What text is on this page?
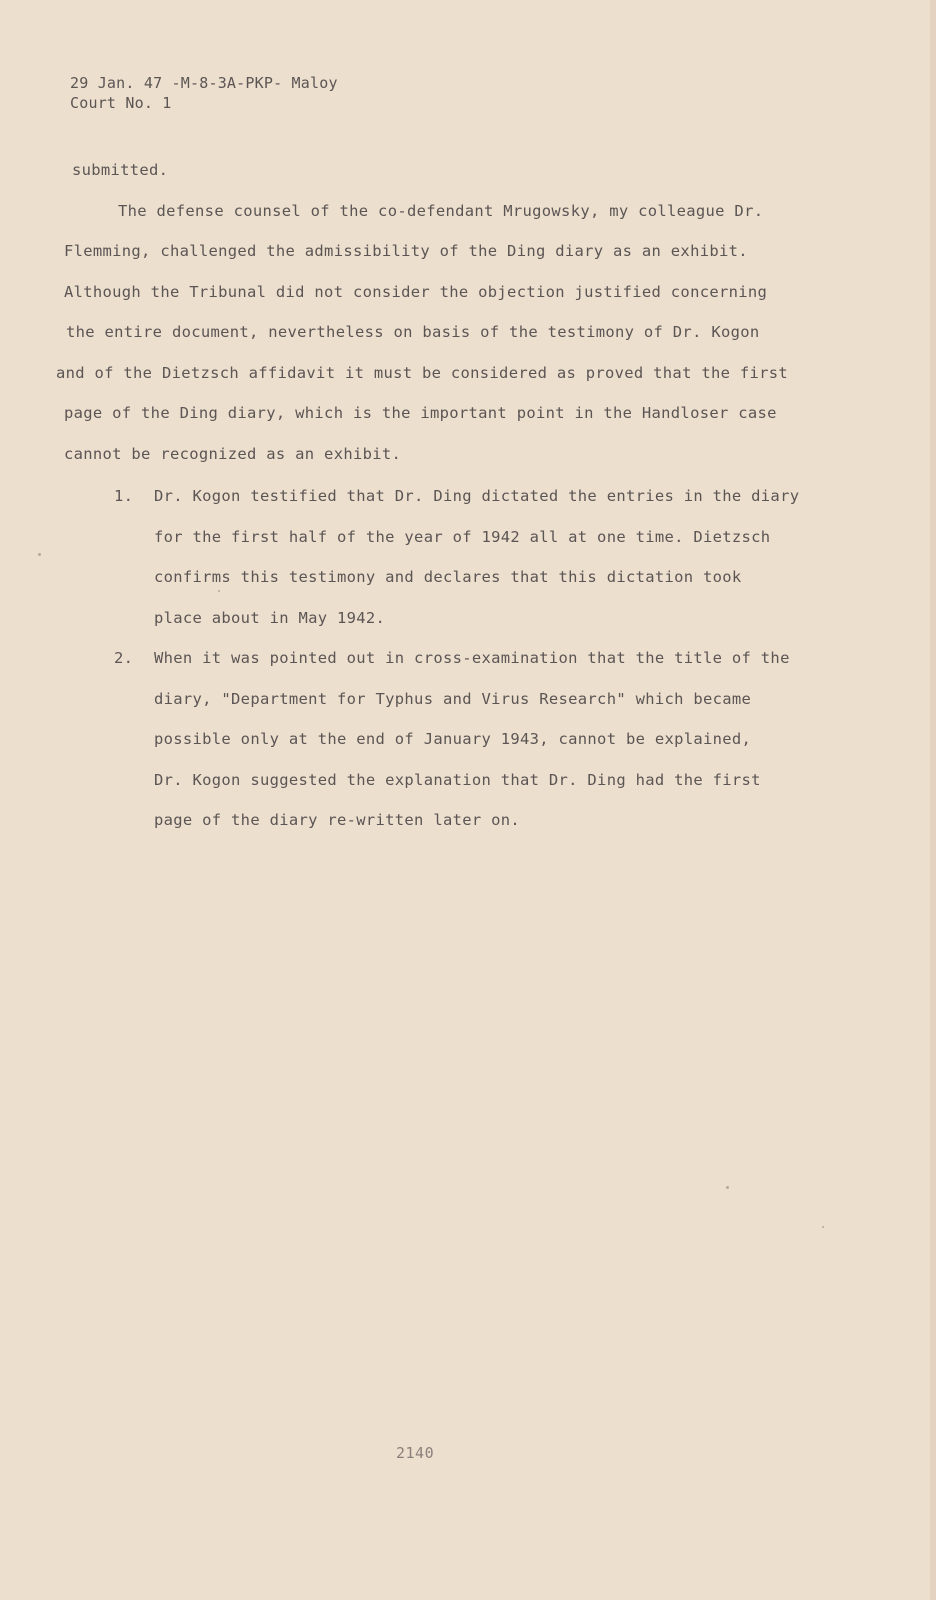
29 Jan. 47 -M-8-3A-PKP- Maloy
Court No. 1

submitted.

The defense counsel of the co-defendant Mrugowsky, my colleague Dr.
Flemming, challenged the admissibility of the Ding diary as an exhibit.
Although the Tribunal did not consider the objection justified concerning
the entire document, nevertheless on basis of the testimony of Dr. Kogon
and of the Dietzsch affidavit it must be considered as proved that the first
page of the Ding diary, which is the important point in the Handloser case
cannot be recognized as an exhibit.

1. Dr. Kogon testified that Dr. Ding dictated the entries in the diary
for the first half of the year of 1942 all at one time. Dietzsch
confirms this testimony and declares that this dictation took
place about in May 1942.
2. When it was pointed out in cross-examination that the title of the
diary, "Department for Typhus and Virus Research" which became
possible only at the end of January 1943, cannot be explained,
Dr. Kogon suggested the explanation that Dr. Ding had the first
page of the diary re-written later on.
2140
